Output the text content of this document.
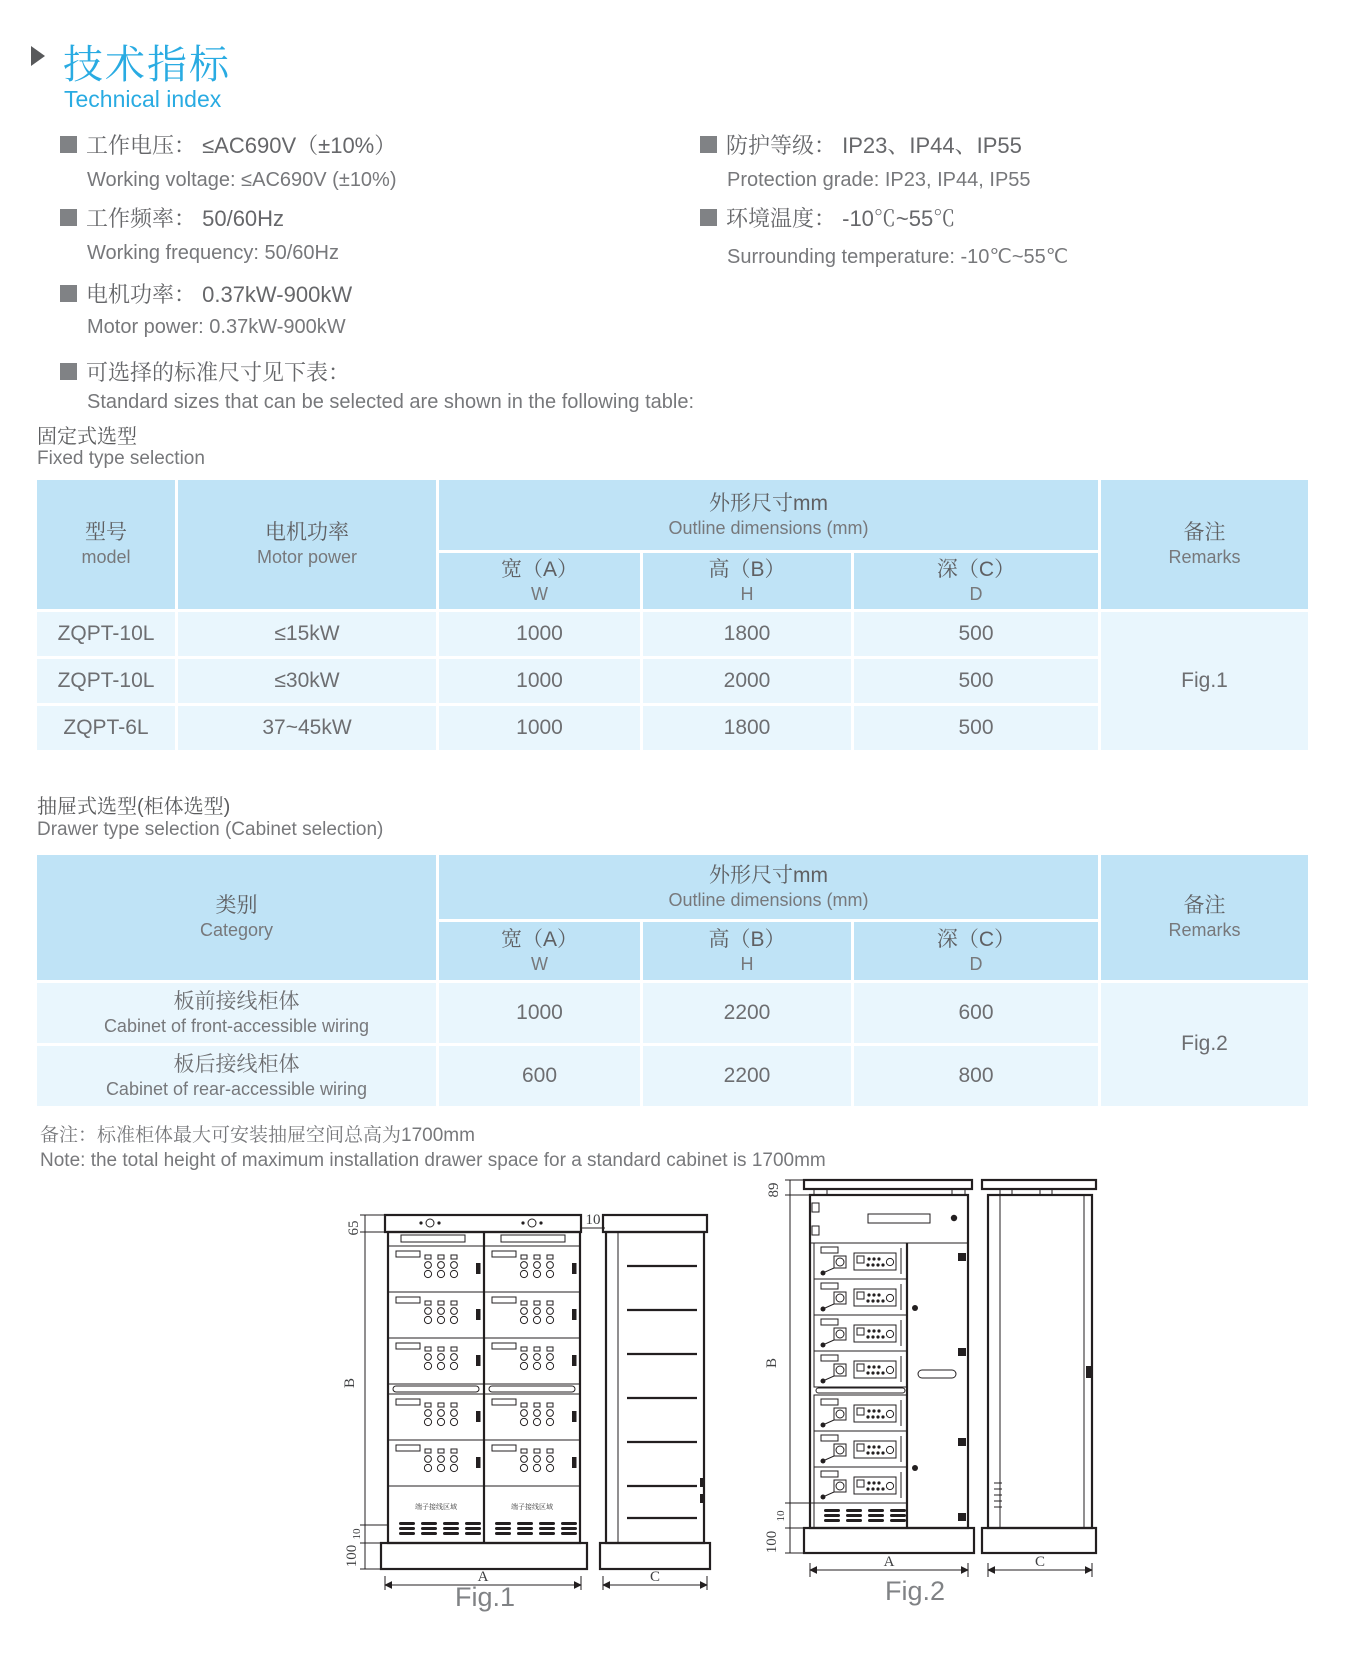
技术指标
Technical index
工作电压： ≤AC690V（±10%）
Working voltage: ≤AC690V (±10%)
工作频率： 50/60Hz
Working frequency: 50/60Hz
电机功率： 0.37kW-900kW
Motor power: 0.37kW-900kW
可选择的标准尺寸见下表：
Standard sizes that can be selected are shown in the following table:
防护等级： IP23、IP44、IP55
Protection grade: IP23, IP44, IP55
环境温度： -10℃~55℃
Surrounding temperature: -10℃~55℃
固定式选型
Fixed type selection
型号
model
电机功率
Motor power
外形尺寸mm
Outline dimensions (mm)
宽（A）
W
高（B）
H
深（C）
D
备注
Remarks
ZQPT-10L	≤15kW	1000	1800	500
ZQPT-10L	≤30kW	1000	2000	500
ZQPT-6L	37~45kW	1000	1800	500
Fig.1
抽屉式选型(柜体选型)
Drawer type selection (Cabinet selection)
类别
Category
外形尺寸mm
Outline dimensions (mm)
宽（A）
W
高（B）
H
深（C）
D
备注
Remarks
板前接线柜体
Cabinet of front-accessible wiring
1000	2200	600
板后接线柜体
Cabinet of rear-accessible wiring
600	2200	800
Fig.2
备注：标准柜体最大可安装抽屉空间总高为1700mm
Note: the total height of maximum installation drawer space for a standard cabinet is 1700mm
端子接线区域
65
B
10
100
10
A	C
Fig.1
89
B
10
100
A	C
Fig.2
